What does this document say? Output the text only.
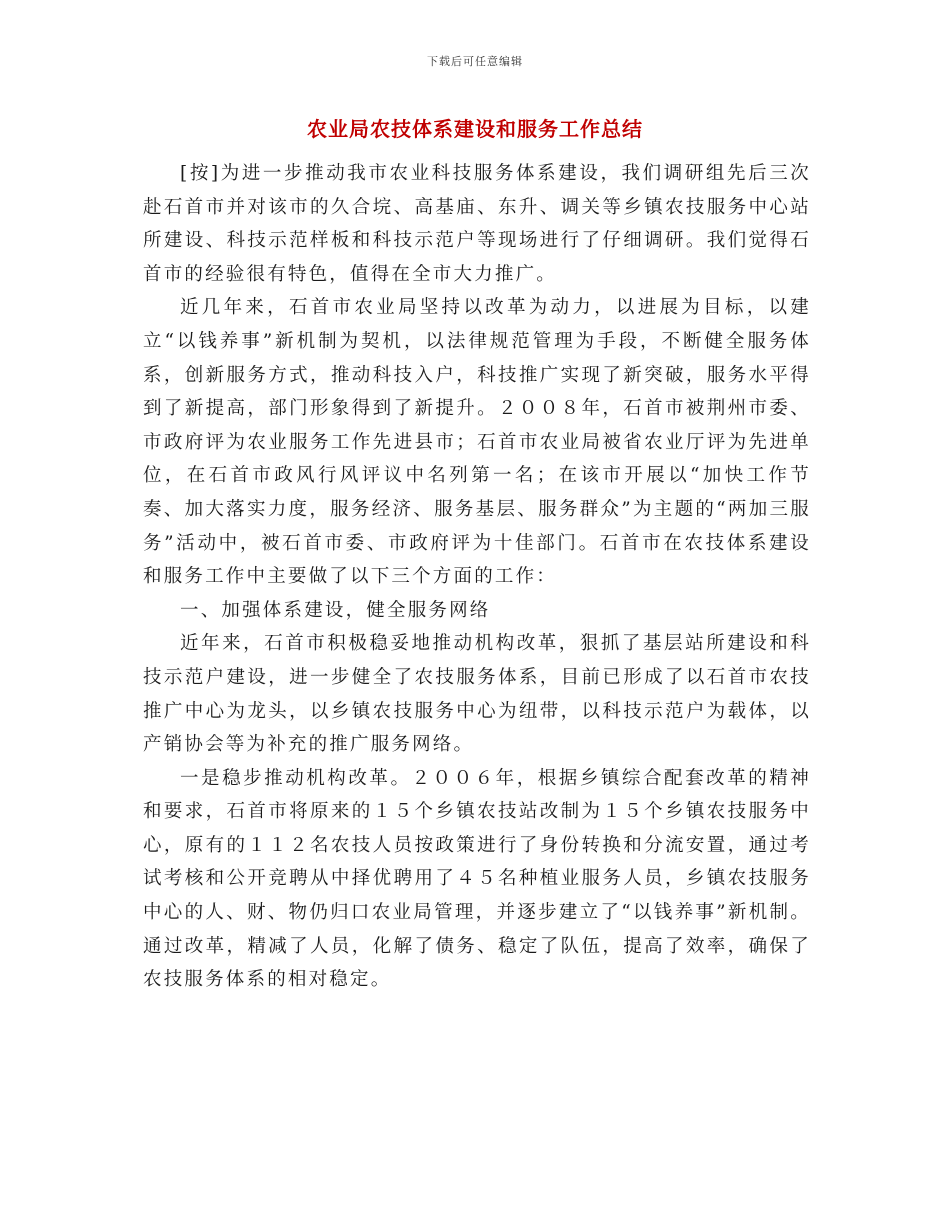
下载后可任意编辑
农业局农技体系建设和服务工作总结

[按]为进一步推动我市农业科技服务体系建设，我们调研组先后三次赴石首市并对该市的久合垸、高基庙、东升、调关等乡镇农技服务中心站所建设、科技示范样板和科技示范户等现场进行了仔细调研。我们觉得石首市的经验很有特色，值得在全市大力推广。

近几年来，石首市农业局坚持以改革为动力，以进展为目标，以建立“以钱养事”新机制为契机，以法律规范管理为手段，不断健全服务体系，创新服务方式，推动科技入户，科技推广实现了新突破，服务水平得到了新提高，部门形象得到了新提升。２００８年，石首市被荆州市委、市政府评为农业服务工作先进县市；石首市农业局被省农业厅评为先进单位，在石首市政风行风评议中名列第一名；在该市开展以“加快工作节奏、加大落实力度，服务经济、服务基层、服务群众”为主题的“两加三服务”活动中，被石首市委、市政府评为十佳部门。石首市在农技体系建设和服务工作中主要做了以下三个方面的工作：

一、加强体系建设，健全服务网络

近年来，石首市积极稳妥地推动机构改革，狠抓了基层站所建设和科技示范户建设，进一步健全了农技服务体系，目前已形成了以石首市农技推广中心为龙头，以乡镇农技服务中心为纽带，以科技示范户为载体，以产销协会等为补充的推广服务网络。

一是稳步推动机构改革。２００６年，根据乡镇综合配套改革的精神和要求，石首市将原来的１５个乡镇农技站改制为１５个乡镇农技服务中心，原有的１１２名农技人员按政策进行了身份转换和分流安置，通过考试考核和公开竞聘从中择优聘用了４５名种植业服务人员，乡镇农技服务中心的人、财、物仍归口农业局管理，并逐步建立了“以钱养事”新机制。通过改革，精减了人员，化解了债务、稳定了队伍，提高了效率，确保了农技服务体系的相对稳定。
